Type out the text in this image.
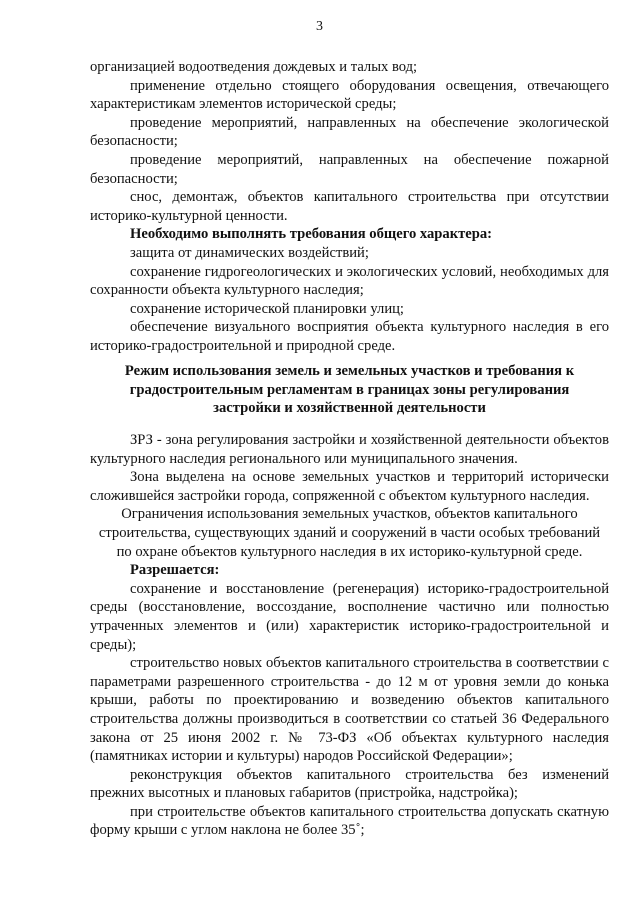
3

организацией водоотведения дождевых и талых вод;

применение отдельно стоящего оборудования освещения, отвечающего характеристикам элементов исторической среды;

проведение мероприятий, направленных на обеспечение экологической безопасности;

проведение мероприятий, направленных на обеспечение пожарной безопасности;

снос, демонтаж, объектов капитального строительства при отсутствии историко-культурной ценности.

Необходимо выполнять требования общего характера:

защита от динамических воздействий;

сохранение гидрогеологических и экологических условий, необходимых для сохранности объекта культурного наследия;

сохранение исторической планировки улиц;

обеспечение визуального восприятия объекта культурного наследия в его историко-градостроительной и природной среде.

Режим использования земель и земельных участков и требования к
градостроительным регламентам в границах зоны регулирования
застройки и хозяйственной деятельности

ЗРЗ - зона регулирования застройки и хозяйственной деятельности объектов культурного наследия регионального или муниципального значения.

Зона выделена на основе земельных участков и территорий исторически сложившейся застройки города, сопряженной с объектом культурного наследия.

Ограничения использования земельных участков, объектов капитального строительства, существующих зданий и сооружений в части особых требований по охране объектов культурного наследия в их историко-культурной среде.

Разрешается:

сохранение и восстановление (регенерация) историко-градостроительной среды (восстановление, воссоздание, восполнение частично или полностью утраченных элементов и (или) характеристик историко-градостроительной и среды);

строительство новых объектов капитального строительства в соответствии с параметрами разрешенного строительства - до 12 м от уровня земли до конька крыши, работы по проектированию и возведению объектов капитального строительства должны производиться в соответствии со статьей 36 Федерального закона от 25 июня 2002 г. № 73-ФЗ «Об объектах культурного наследия (памятниках истории и культуры) народов Российской Федерации»;

реконструкция объектов капитального строительства без изменений прежних высотных и плановых габаритов (пристройка, надстройка);

при строительстве объектов капитального строительства допускать скатную форму крыши с углом наклона не более 35˚;
